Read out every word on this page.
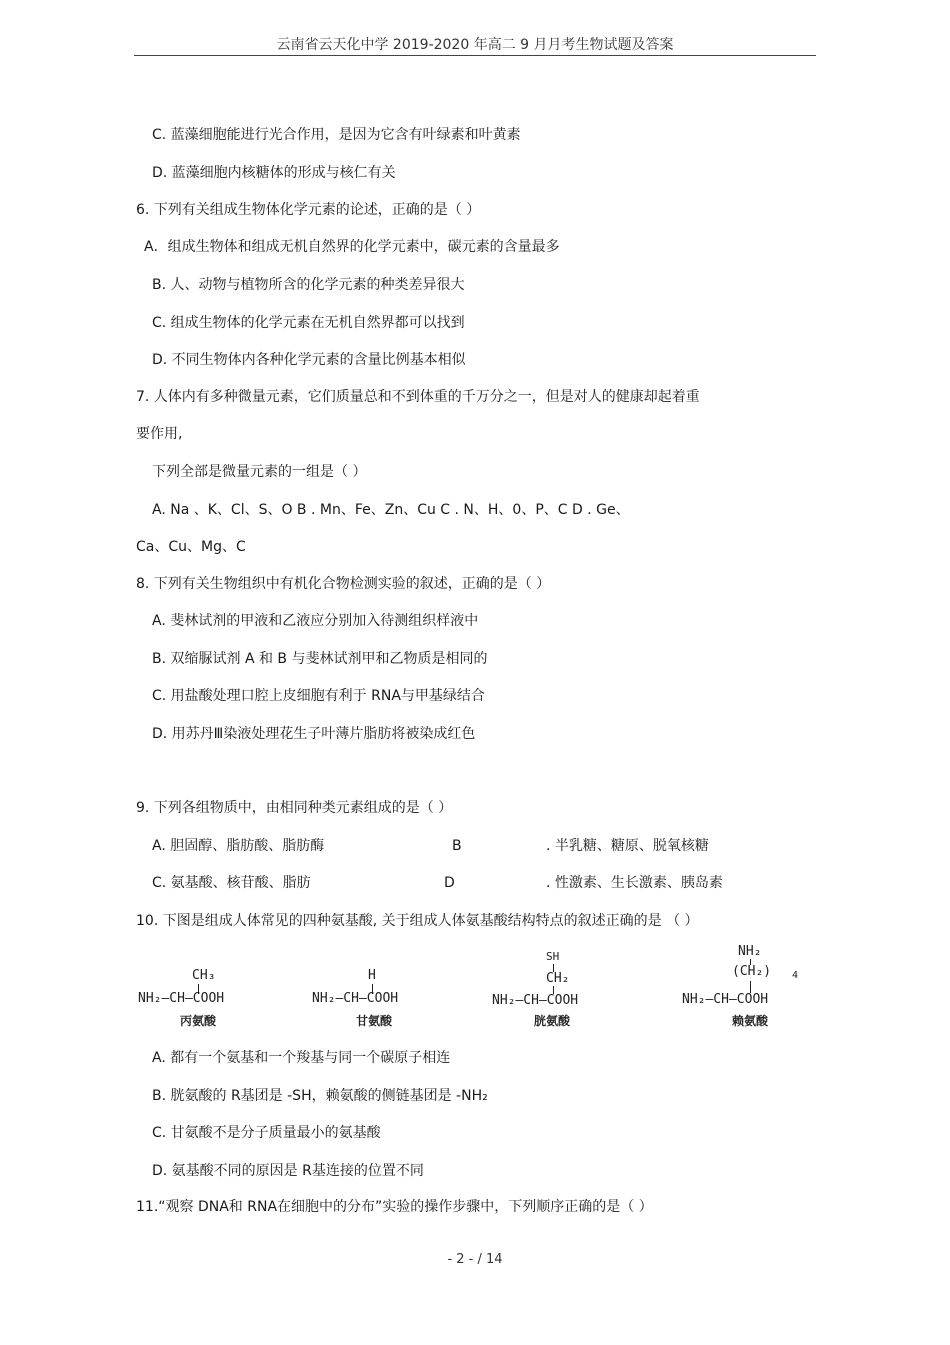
云南省云天化中学 2019-2020 年高二 9 月月考生物试题及答案
C. 蓝藻细胞能进行光合作用，是因为它含有叶绿素和叶黄素
D. 蓝藻细胞内核糖体的形成与核仁有关
6. 下列有关组成生物体化学元素的论述，正确的是（ ）
A．组成生物体和组成无机自然界的化学元素中，碳元素的含量最多
B. 人、动物与植物所含的化学元素的种类差异很大
C. 组成生物体的化学元素在无机自然界都可以找到
D. 不同生物体内各种化学元素的含量比例基本相似
7. 人体内有多种微量元素，它们质量总和不到体重的千万分之一，但是对人的健康却起着重
要作用,
下列全部是微量元素的一组是（ ）
A. Na 、K、Cl、S、O B . Mn、Fe、Zn、Cu C . N、H、0、P、C D . Ge、
Ca、Cu、Mg、C
8. 下列有关生物组织中有机化合物检测实验的叙述，正确的是（ ）
A. 斐林试剂的甲液和乙液应分别加入待测组织样液中
B. 双缩脲试剂 A 和 B 与斐林试剂甲和乙物质是相同的
C. 用盐酸处理口腔上皮细胞有利于 RNA与甲基绿结合
D. 用苏丹Ⅲ染液处理花生子叶薄片脂肪将被染成红色
9. 下列各组物质中，由相同种类元素组成的是（ ）
A. 胆固醇、脂肪酸、脂肪酶	B	. 半乳糖、糖原、脱氧核糖
C. 氨基酸、核苷酸、脂肪	D	. 性激素、生长激素、胰岛素
10. 下图是组成人体常见的四种氨基酸, 关于组成人体氨基酸结构特点的叙述正确的是 （ ）
CH₃
NH₂—CH—COOH
丙氨酸
H
NH₂—CH—COOH
甘氨酸
SH
CH₂
NH₂—CH—COOH
胱氨酸
NH₂
(CH₂) 4
NH₂—CH—COOH
赖氨酸
A. 都有一个氨基和一个羧基与同一个碳原子相连
B. 胱氨酸的 R基团是 -SH，赖氨酸的侧链基团是 -NH₂
C. 甘氨酸不是分子质量最小的氨基酸
D. 氨基酸不同的原因是 R基连接的位置不同
11.“观察 DNA和 RNA在细胞中的分布”实验的操作步骤中，下列顺序正确的是（ ）
- 2 - / 14
